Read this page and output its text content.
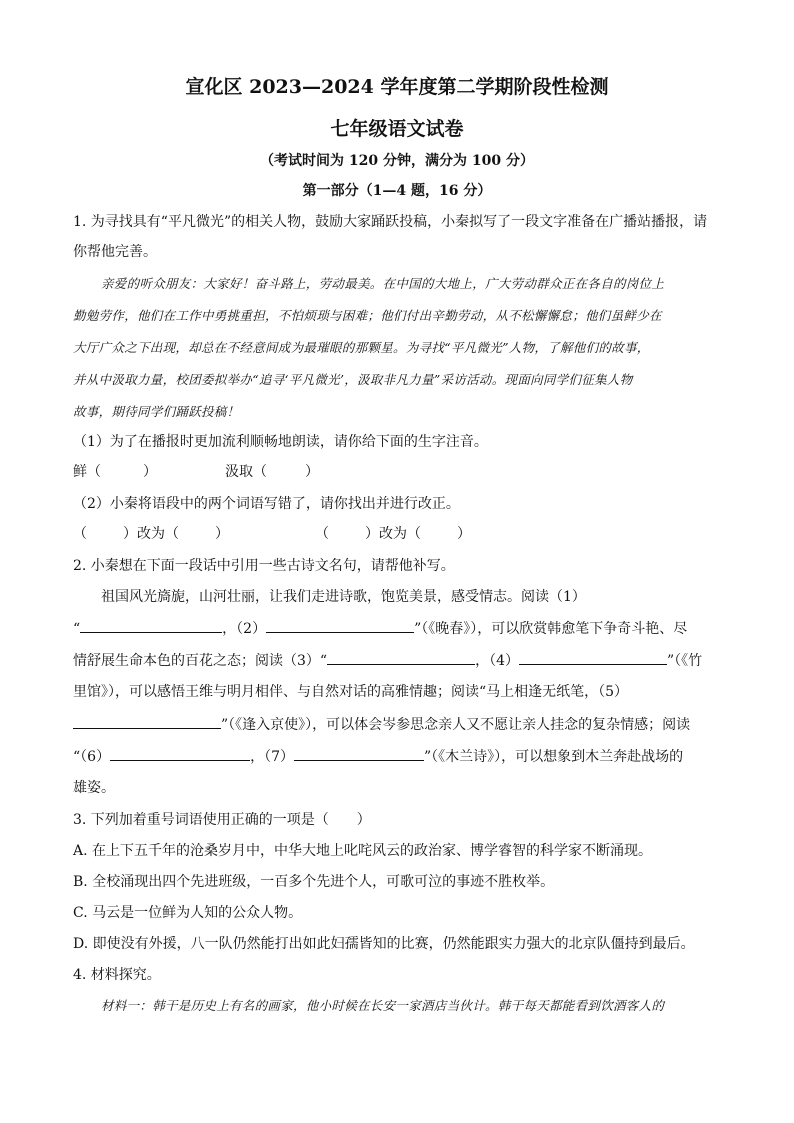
宣化区 2023—2024 学年度第二学期阶段性检测
七年级语文试卷
（考试时间为 120 分钟，满分为 100 分）
第一部分（1—4 题，16 分）
1. 为寻找具有“平凡微光”的相关人物，鼓励大家踊跃投稿，小秦拟写了一段文字准备在广播站播报，请
你帮他完善。
亲爱的听众朋友：大家好！奋斗路上，劳动最美。在中国的大地上，广大劳动群众正在各自的岗位上
勤勉劳作，他们在工作中勇挑重担，不怕烦琐与困难；他们付出辛勤劳动，从不松懈懈怠；他们虽鲜少在
大厅广众之下出现，却总在不经意间成为最璀眼的那颗星。为寻找“平凡微光”人物，了解他们的故事，
并从中汲取力量，校团委拟举办“追寻‘平凡微光’，汲取非凡力量”采访活动。现面向同学们征集人物
故事，期待同学们踊跃投稿！
（1）为了在播报时更加流利顺畅地朗读，请你给下面的生字注音。
鲜（	）	汲取（	）
（2）小秦将语段中的两个词语写错了，请你找出并进行改正。
（	）改为（	）	（	）改为（	）
2. 小秦想在下面一段话中引用一些古诗文名句，请帮他补写。
祖国风光旖旎，山河壮丽，让我们走进诗歌，饱览美景，感受情志。阅读（1）
“	，（2）	”（《晚春》），可以欣赏韩愈笔下争奇斗艳、尽
情舒展生命本色的百花之态；阅读（3）“	，（4）	”（《竹
里馆》），可以感悟王维与明月相伴、与自然对话的高雅情趣；阅读“马上相逢无纸笔，（5）
”（《逢入京使》），可以体会岑参思念亲人又不愿让亲人挂念的复杂情感；阅读
“（6）	，（7）	”（《木兰诗》），可以想象到木兰奔赴战场的
雄姿。
3. 下列加着重号词语使用正确的一项是（　　）
A. 在上下五千年的沧桑岁月中，中华大地上叱咤风云的政治家、博学睿智的科学家不断涌现。
B. 全校涌现出四个先进班级，一百多个先进个人，可歌可泣的事迹不胜枚举。
C. 马云是一位鲜为人知的公众人物。
D. 即使没有外援，八一队仍然能打出如此妇孺皆知的比赛，仍然能跟实力强大的北京队僵持到最后。
4. 材料探究。
材料一：韩干是历史上有名的画家，他小时候在长安一家酒店当伙计。韩干每天都能看到饮酒客人的
